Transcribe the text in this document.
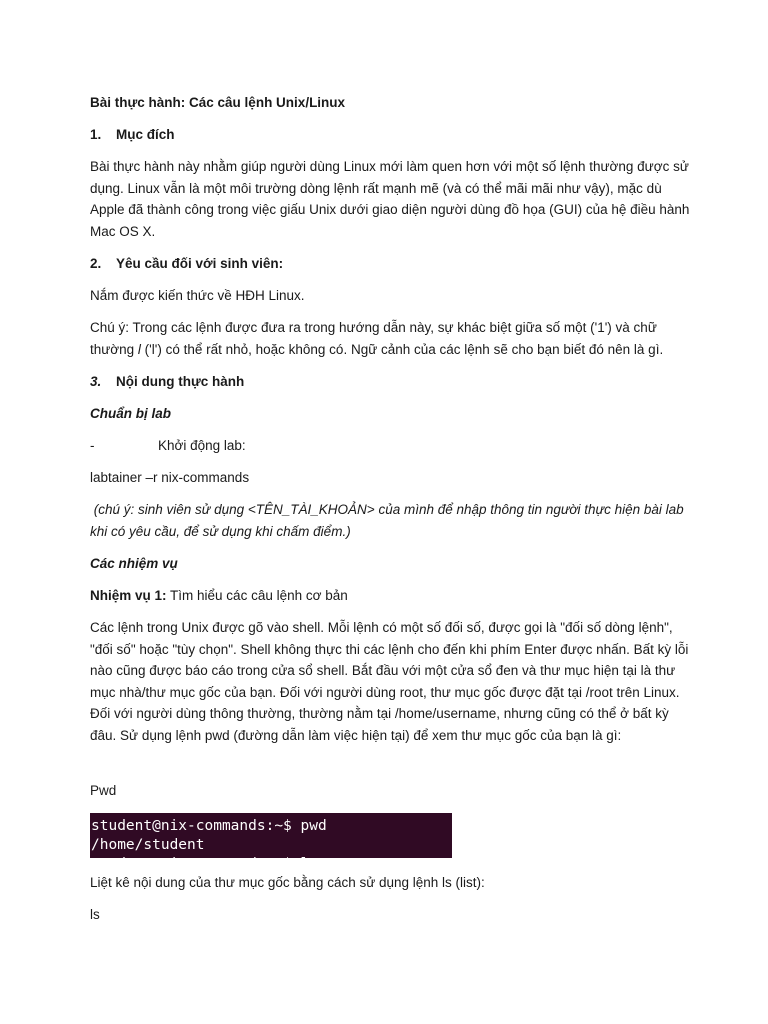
Bài thực hành: Các câu lệnh Unix/Linux
1. Mục đích
Bài thực hành này nhằm giúp người dùng Linux mới làm quen hơn với một số lệnh thường được sử dụng. Linux vẫn là một môi trường dòng lệnh rất mạnh mẽ (và có thể mãi mãi như vậy), mặc dù Apple đã thành công trong việc giấu Unix dưới giao diện người dùng đồ họa (GUI) của hệ điều hành Mac OS X.
2. Yêu cầu đối với sinh viên:
Nắm được kiến thức về HĐH Linux.
Chú ý: Trong các lệnh được đưa ra trong hướng dẫn này, sự khác biệt giữa số một ('1') và chữ thường l ('l') có thể rất nhỏ, hoặc không có. Ngữ cảnh của các lệnh sẽ cho bạn biết đó nên là gì.
3. Nội dung thực hành
Chuẩn bị lab
-	Khởi động lab:
labtainer –r nix-commands
(chú ý: sinh viên sử dụng <TÊN_TÀI_KHOẢN> của mình để nhập thông tin người thực hiện bài lab khi có yêu cầu, để sử dụng khi chấm điểm.)
Các nhiệm vụ
Nhiệm vụ 1: Tìm hiểu các câu lệnh cơ bản
Các lệnh trong Unix được gõ vào shell. Mỗi lệnh có một số đối số, được gọi là "đối số dòng lệnh", "đối số" hoặc "tùy chọn". Shell không thực thi các lệnh cho đến khi phím Enter được nhấn. Bất kỳ lỗi nào cũng được báo cáo trong cửa sổ shell. Bắt đầu với một cửa sổ đen và thư mục hiện tại là thư mục nhà/thư mục gốc của bạn. Đối với người dùng root, thư mục gốc được đặt tại /root trên Linux. Đối với người dùng thông thường, thường nằm tại /home/username, nhưng cũng có thể ở bất kỳ đâu. Sử dụng lệnh pwd (đường dẫn làm việc hiện tại) để xem thư mục gốc của bạn là gì:
Pwd
student@nix-commands:~$ pwd
/home/student
student@nix-commands:~$ ls
Liệt kê nội dung của thư mục gốc bằng cách sử dụng lệnh ls (list):
ls
